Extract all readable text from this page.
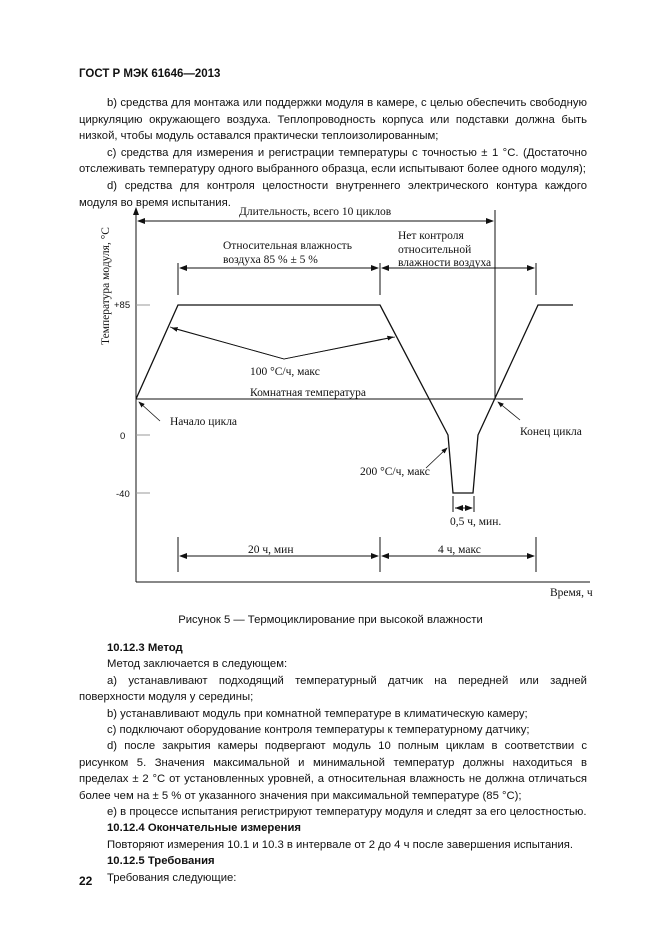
ГОСТ Р МЭК 61646—2013

b) средства для монтажа или поддержки модуля в камере, с целью обеспечить свободную циркуляцию окружающего воздуха. Теплопроводность корпуса или подставки должна быть низкой, чтобы модуль оставался практически теплоизолированным;

c) средства для измерения и регистрации температуры с точностью ± 1 °С. (Достаточно отслеживать температуру одного выбранного образца, если испытывают более одного модуля);

d) средства для контроля целостности внутреннего электрического контура каждого модуля во время испытания.

Температура модуля, °С +85
0
-40
Длительность, всего 10 циклов
Относительная влажность
воздуха 85 % ± 5 %
Нет контроля
относительной
влажности воздуха
100 °С/ч, макс
Комнатная температура
Начало цикла
Конец цикла
200 °С/ч, макс
0,5 ч, мин.
20 ч, мин	4 ч, макс
Время, ч
Рисунок 5 — Термоциклирование при высокой влажности

10.12.3 Метод

Метод заключается в следующем:

a) устанавливают подходящий температурный датчик на передней или задней поверхности модуля у середины;

b) устанавливают модуль при комнатной температуре в климатическую камеру;

c) подключают оборудование контроля температуры к температурному датчику;

d) после закрытия камеры подвергают модуль 10 полным циклам в соответствии с рисунком 5. Значения максимальной и минимальной температур должны находиться в пределах ± 2 °С от установленных уровней, а относительная влажность не должна отличаться более чем на ± 5 % от указанного значения при максимальной температуре (85 °С);

e) в процессе испытания регистрируют температуру модуля и следят за его целостностью.

10.12.4 Окончательные измерения

Повторяют измерения 10.1 и 10.3 в интервале от 2 до 4 ч после завершения испытания.

10.12.5 Требования

Требования следующие:

22
